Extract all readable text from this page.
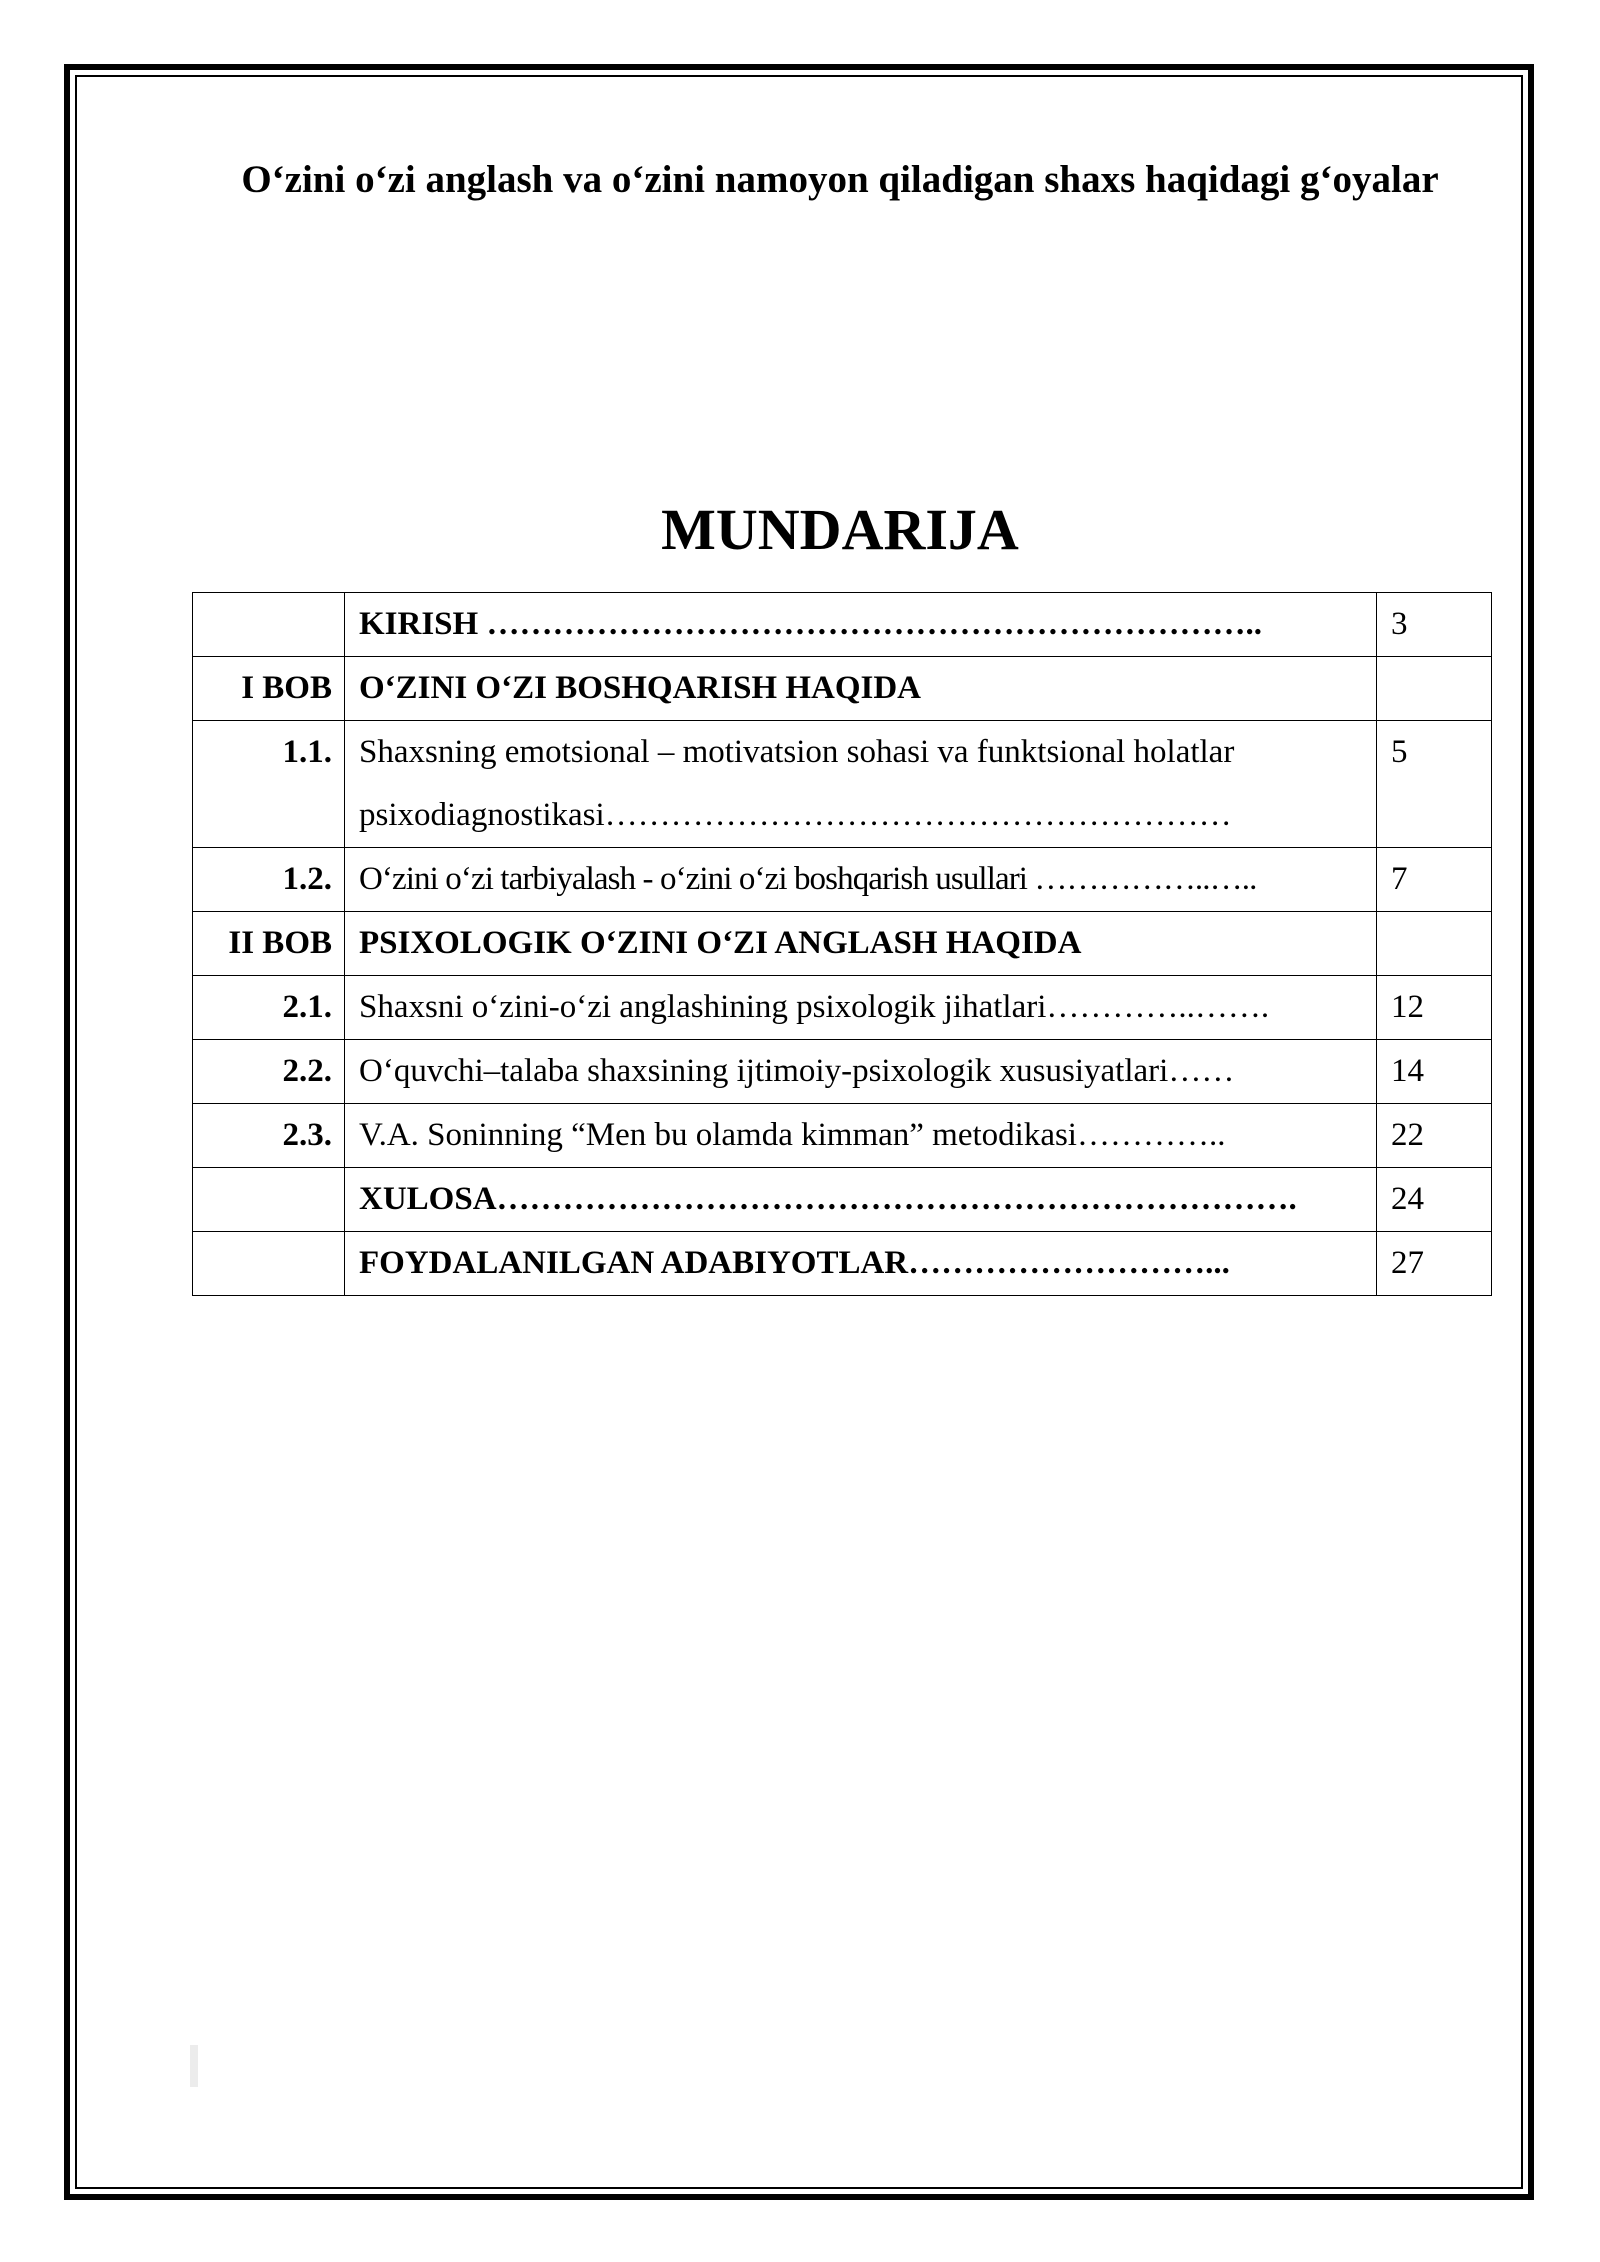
O‘zini o‘zi anglash va o‘zini namoyon qiladigan shaxs haqidagi g‘oyalar
MUNDARIJA
	KIRISH ……………………………………………………………..	3
I BOB	O‘ZINI O‘ZI BOSHQARISH HAQIDA	
1.1.	Shaxsning emotsional – motivatsion sohasi va funktsional holatlar
psixodiagnostikasi…………………………………………………	5
1.2.	O‘zini o‘zi tarbiyalash - o‘zini o‘zi boshqarish usullari ……………..…..	7
II BOB	PSIXOLOGIK O‘ZINI O‘ZI ANGLASH HAQIDA	
2.1.	Shaxsni o‘zini-o‘zi anglashining psixologik jihatlari…………..…….	12
2.2.	O‘quvchi–talaba shaxsining ijtimoiy-psixologik xususiyatlari……	14
2.3.	V.A. Soninning “Men bu olamda kimman” metodikasi…………..	22
	XULOSA……………………………………………………………….	24
	FOYDALANILGAN ADABIYOTLAR………………………...	27
